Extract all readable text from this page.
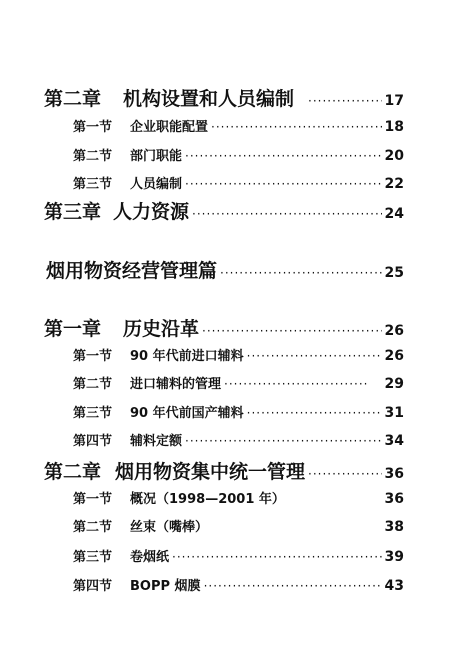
第二章 机构设置和人员编制 ·····	17
第一节 企业职能配置 ·····	18
第二节 部门职能 ·····	20
第三节 人员编制 ·····	22
第三章 人力资源 ·····	24
烟用物资经营管理篇 ·····	25
第一章 历史沿革 ·····	26
第一节 90 年代前进口辅料 ·····	26
第二节 进口辅料的管理 ·····	29
第三节 90 年代前国产辅料 ·····	31
第四节 辅料定额 ·····	34
第二章 烟用物资集中统一管理 ·····	36
第一节 概况（1998—2001 年）	36
第二节 丝束（嘴棒）	38
第三节 卷烟纸 ·····	39
第四节 BOPP 烟膜 ·····	43
